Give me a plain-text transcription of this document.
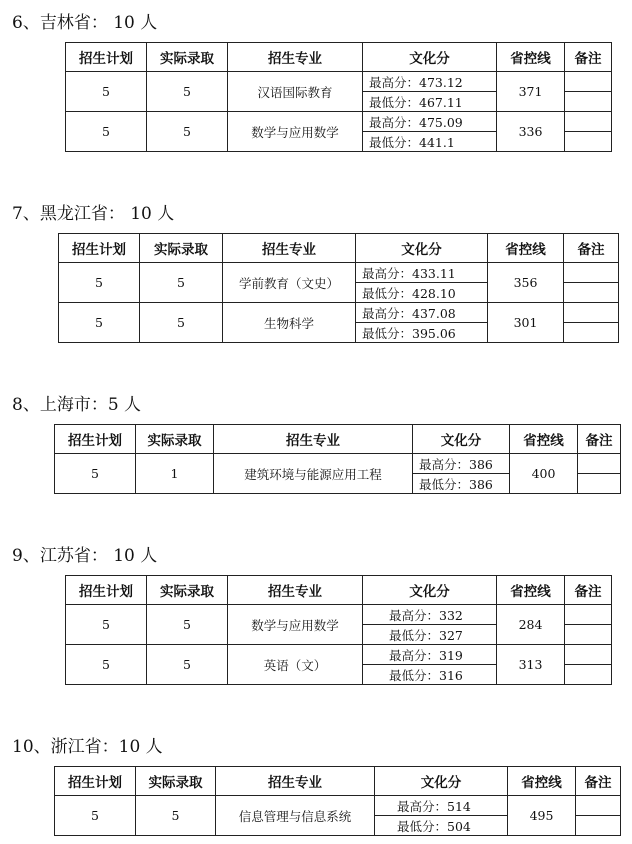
6、吉林省： 10 人
招生计划	实际录取	招生专业	文化分	省控线	备注
5	5	汉语国际教育	最高分：473.12	371	
			最低分：467.11		
5	5	数学与应用数学	最高分：475.09	336	
			最低分：441.1		
7、黑龙江省： 10 人
招生计划	实际录取	招生专业	文化分	省控线	备注
5	5	学前教育（文史）	最高分：433.11	356	
			最低分：428.10		
5	5	生物科学	最高分：437.08	301	
			最低分：395.06		
8、上海市：5 人
招生计划	实际录取	招生专业	文化分	省控线	备注
5	1	建筑环境与能源应用工程	最高分：386	400	
			最低分：386		
9、江苏省： 10 人
招生计划	实际录取	招生专业	文化分	省控线	备注
5	5	数学与应用数学	最高分：332	284	
			最低分：327		
5	5	英语（文）	最高分：319	313	
			最低分：316		
10、浙江省：10 人
招生计划	实际录取	招生专业	文化分	省控线	备注
5	5	信息管理与信息系统	最高分：514	495	
			最低分：504		
